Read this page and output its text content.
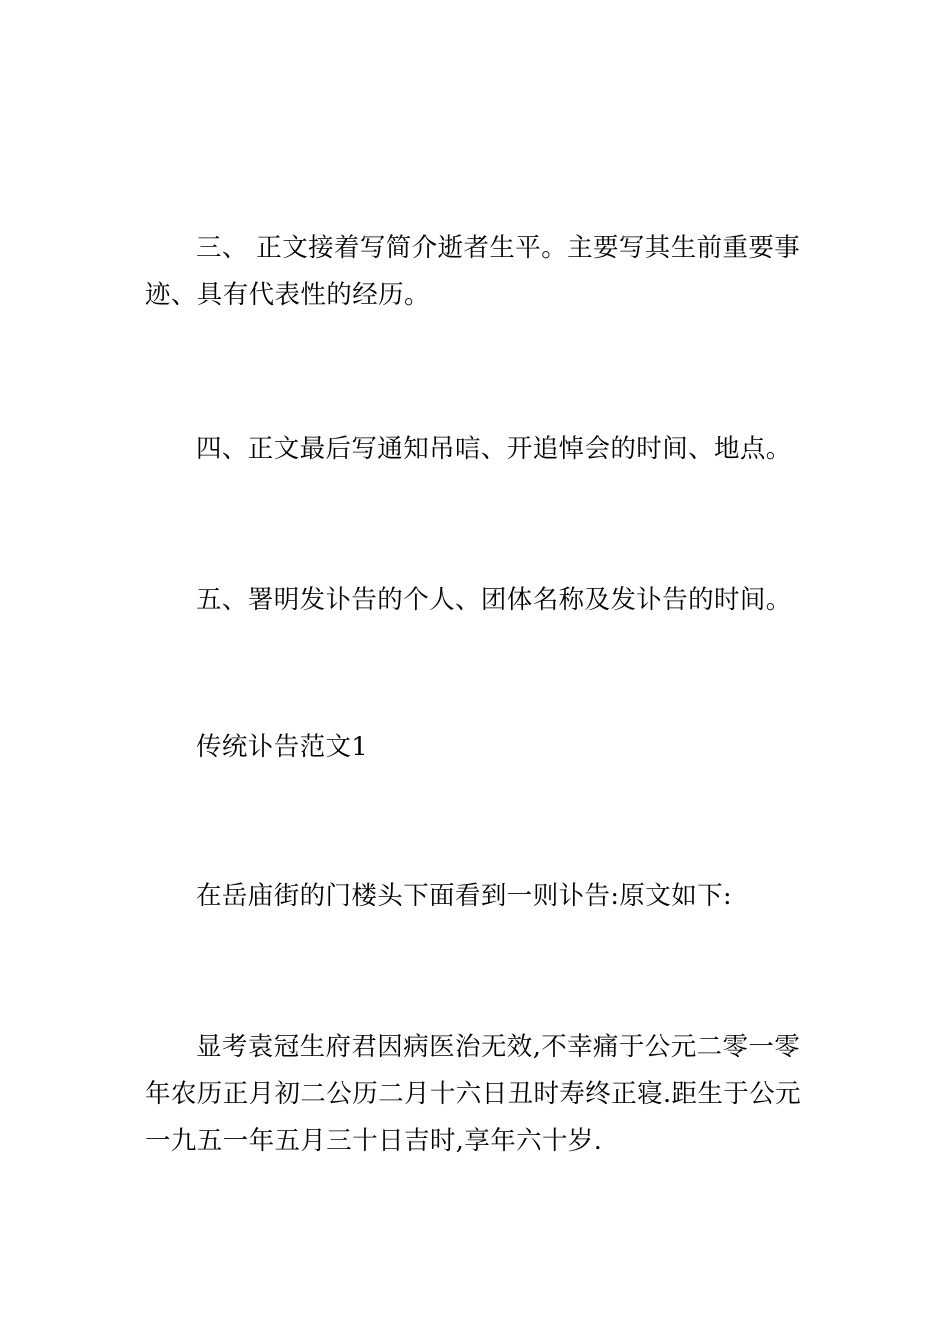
三、 正文接着写简介逝者生平。主要写其生前重要事迹、具有代表性的经历。

四、正文最后写通知吊唁、开追悼会的时间、地点。

五、署明发讣告的个人、团体名称及发讣告的时间。

传统讣告范文1

在岳庙街的门楼头下面看到一则讣告:原文如下:

显考袁冠生府君因病医治无效,不幸痛于公元二零一零年农历正月初二公历二月十六日丑时寿终正寝.距生于公元一九五一年五月三十日吉时,享年六十岁.
